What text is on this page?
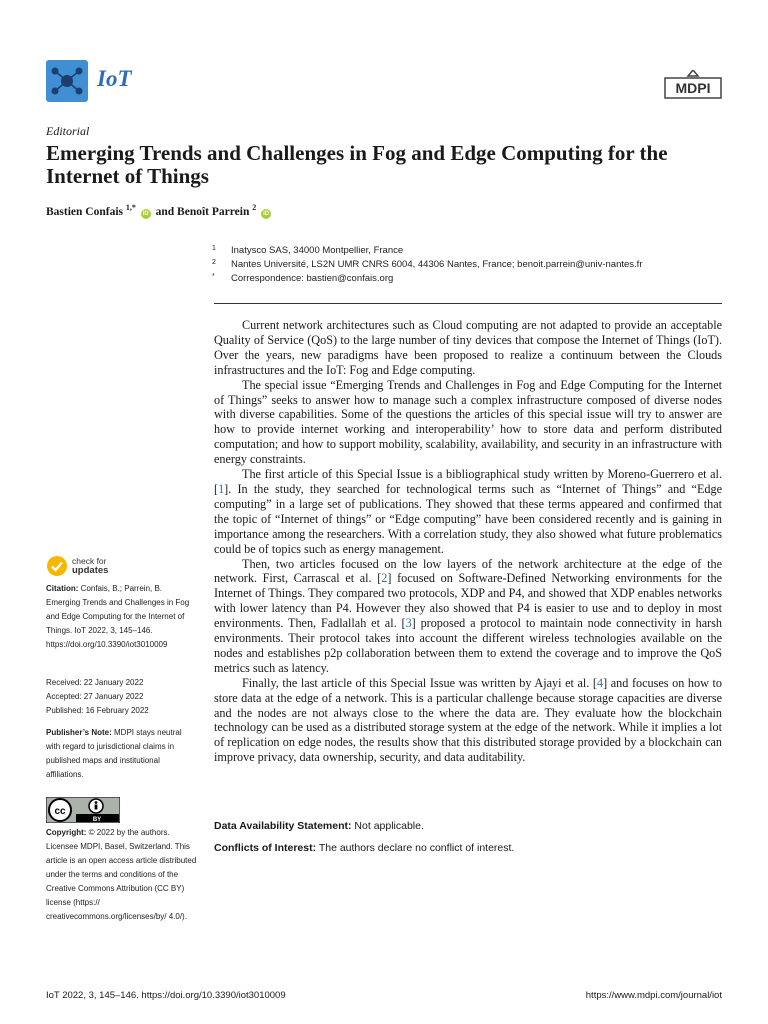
IoT	MDPI
Editorial
Emerging Trends and Challenges in Fog and Edge Computing for the Internet of Things
Bastien Confais $^{1,*}$ iD and Benoît Parrein $^2$ iD
1	Inatysco SAS, 34000 Montpellier, France
2	Nantes Université, LS2N UMR CNRS 6004, 44306 Nantes, France; benoit.parrein@univ-nantes.fr
*	Correspondence: bastien@confais.org

Current network architectures such as Cloud computing are not adapted to provide an acceptable Quality of Service (QoS) to the large number of tiny devices that compose the Internet of Things (IoT). Over the years, new paradigms have been proposed to realize a continuum between the Clouds infrastructures and the IoT: Fog and Edge computing.

The special issue “Emerging Trends and Challenges in Fog and Edge Computing for the Internet of Things” seeks to answer how to manage such a complex infrastructure composed of diverse nodes with diverse capabilities. Some of the questions the articles of this special issue will try to answer are how to provide internet working and interoperability’ how to store data and perform distributed computation; and how to support mobility, scalability, availability, and security in an infrastructure with energy constraints.

The first article of this Special Issue is a bibliographical study written by Moreno-Guerrero et al. [1]. In the study, they searched for technological terms such as “Internet of Things” and “Edge computing” in a large set of publications. They showed that these terms appeared and confirmed that the topic of “Internet of things” or “Edge computing” have been considered recently and is gaining in importance among the researchers. With a correlation study, they also showed what future problematics could be of topics such as energy management.

Then, two articles focused on the low layers of the network architecture at the edge of the network. First, Carrascal et al. [2] focused on Software-Defined Networking environments for the Internet of Things. They compared two protocols, XDP and P4, and showed that XDP enables networks with lower latency than P4. However they also showed that P4 is easier to use and to deploy in most environments. Then, Fadlallah et al. [3] proposed a protocol to maintain node connectivity in harsh environments. Their protocol takes into account the different wireless technologies available on the nodes and establishes p2p collaboration between them to extend the coverage and to improve the QoS metrics such as latency.

Finally, the last article of this Special Issue was written by Ajayi et al. [4] and focuses on how to store data at the edge of a network. This is a particular challenge because storage capacities are diverse and the nodes are not always close to the where the data are. They evaluate how the blockchain technology can be used as a distributed storage system at the edge of the network. While it implies a lot of replication on edge nodes, the results show that this distributed storage provided by a blockchain can improve privacy, data ownership, security, and data auditability.

Data Availability Statement: Not applicable.
Conflicts of Interest: The authors declare no conflict of interest.
check for
updates
Citation: Confais, B.; Parrein, B. Emerging Trends and Challenges in Fog and Edge Computing for the Internet of Things. IoT 2022, 3, 145–146. https://doi.org/10.3390/iot3010009
Received: 22 January 2022
Accepted: 27 January 2022
Published: 16 February 2022
Publisher’s Note: MDPI stays neutral with regard to jurisdictional claims in published maps and institutional affiliations.
cc
BY
Copyright: © 2022 by the authors. Licensee MDPI, Basel, Switzerland. This article is an open access article distributed under the terms and conditions of the Creative Commons Attribution (CC BY) license (https:// creativecommons.org/licenses/by/ 4.0/).
IoT 2022, 3, 145–146. https://doi.org/10.3390/iot3010009	https://www.mdpi.com/journal/iot
